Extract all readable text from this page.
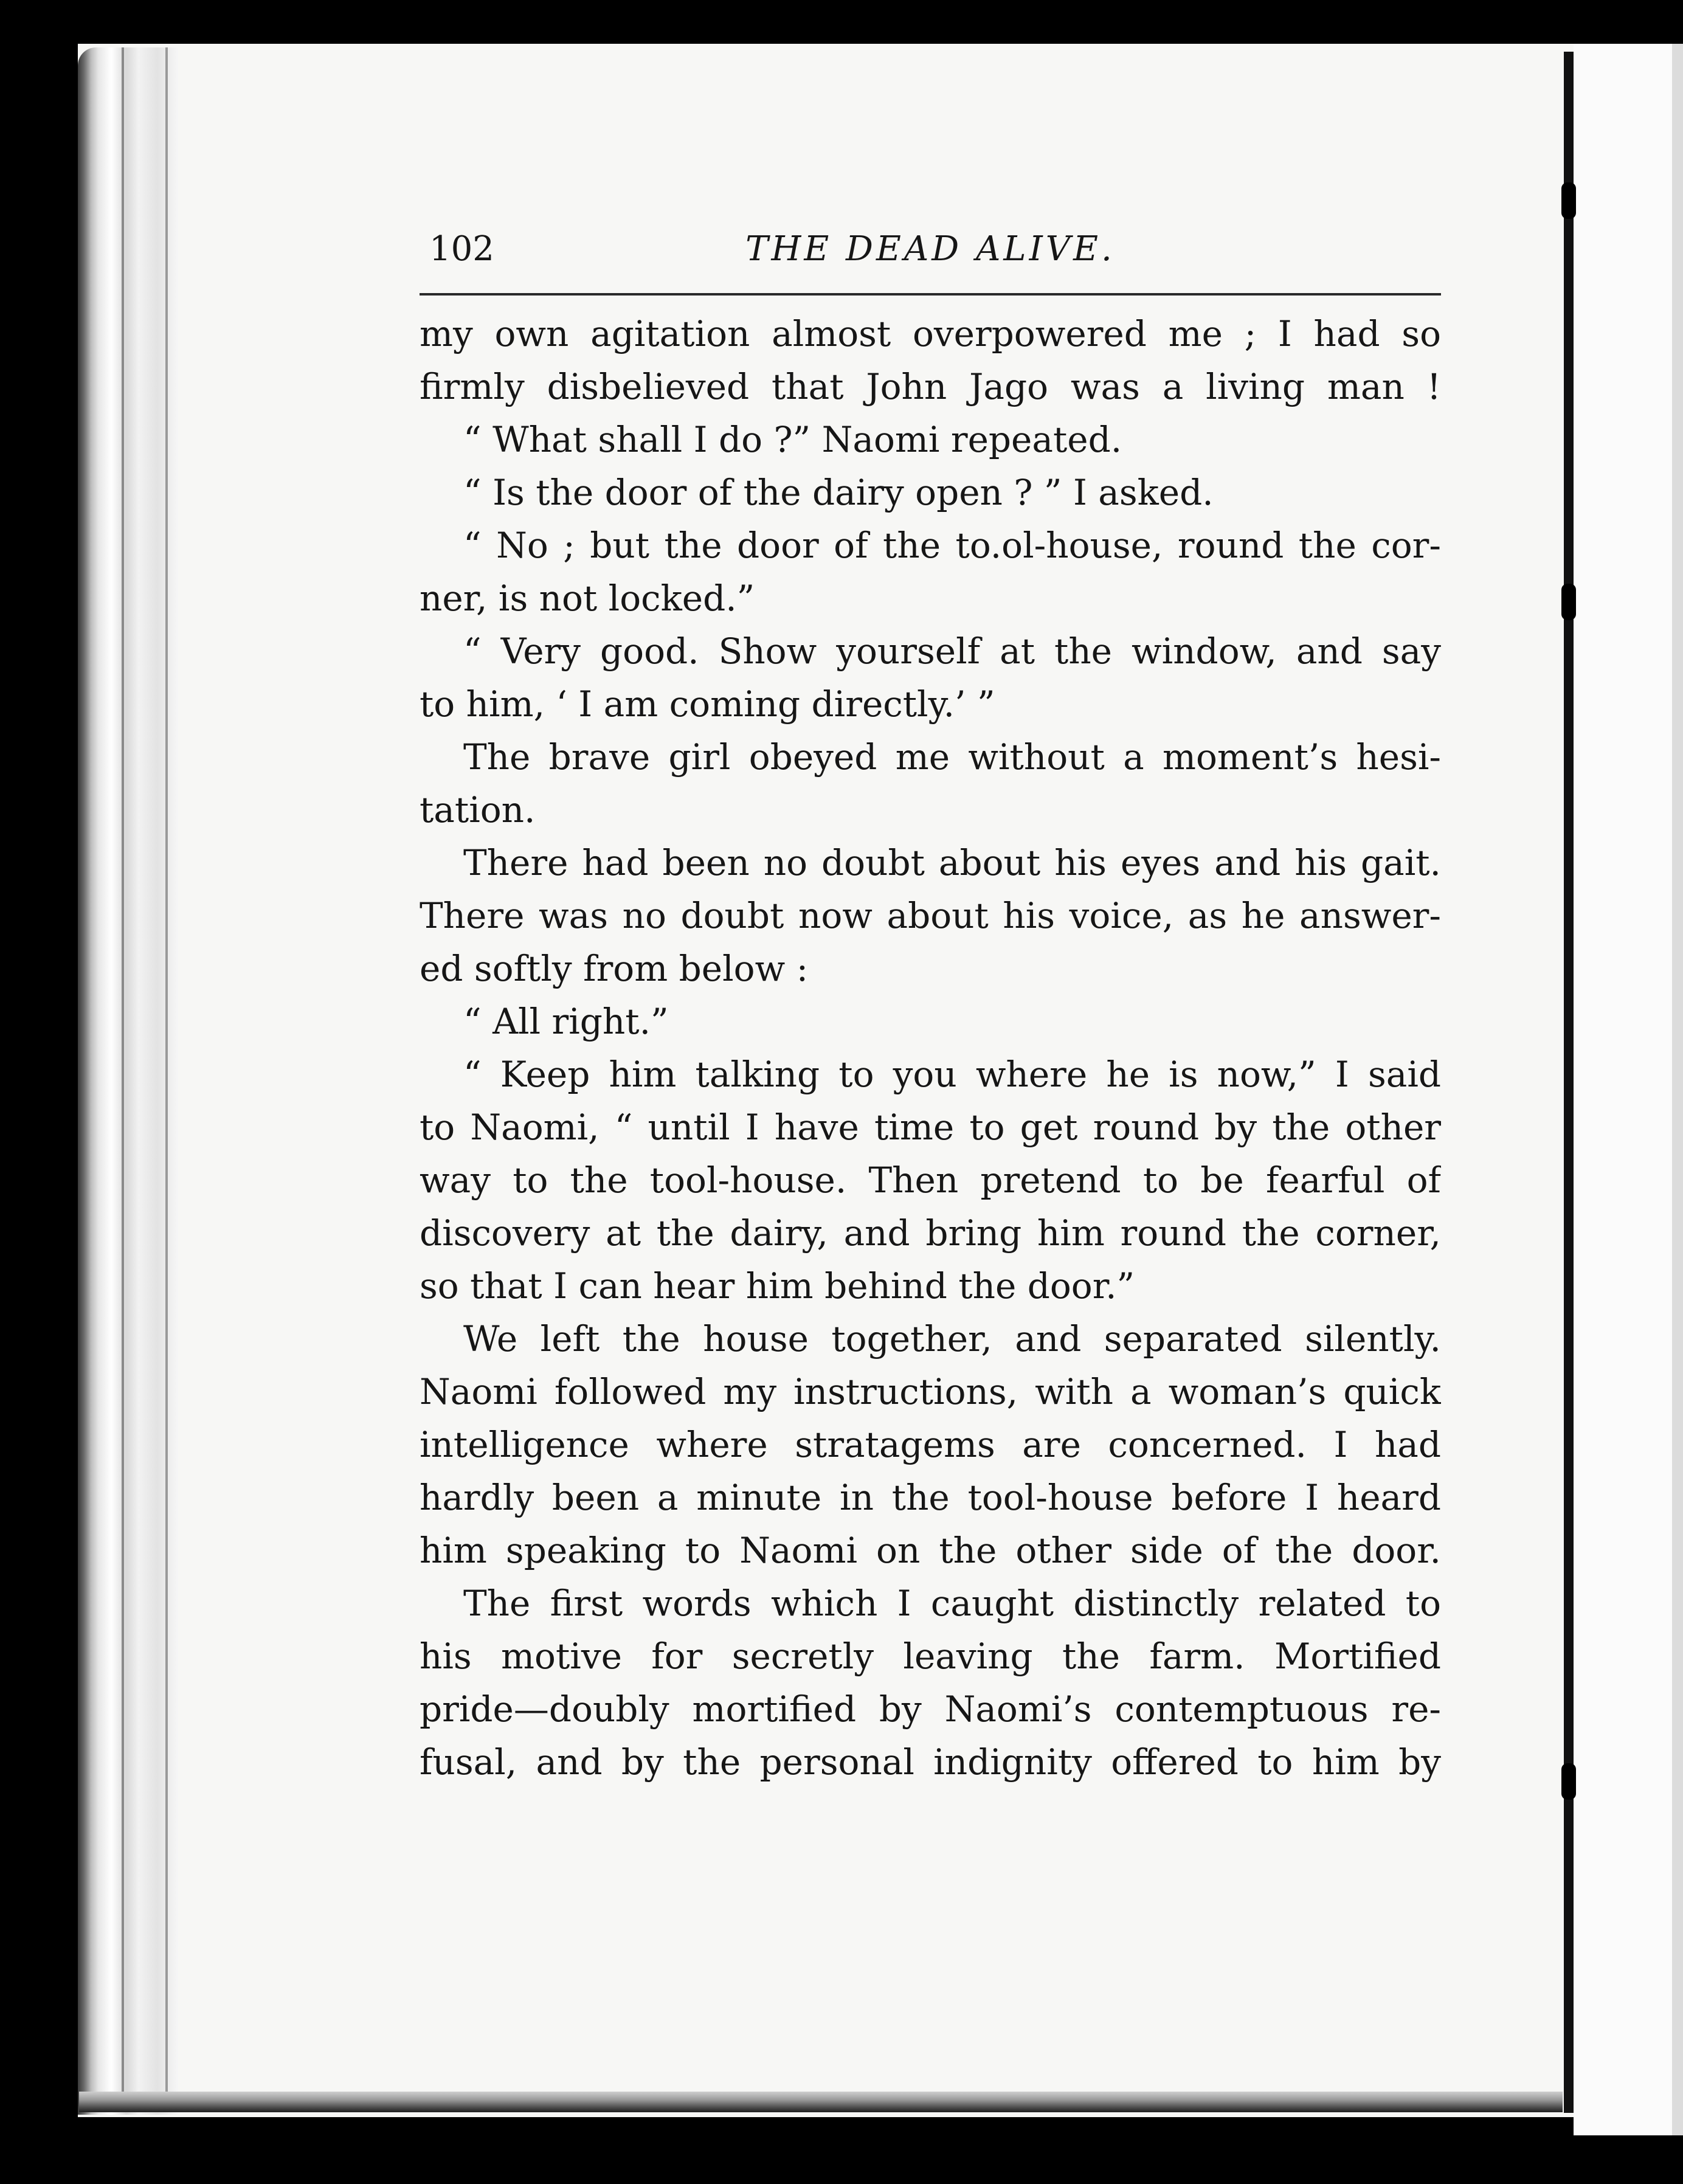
102	THE DEAD ALIVE.
my own agitation almost overpowered me ; I had so
firmly disbelieved that John Jago was a living man !
“ What shall I do ?” Naomi repeated.
“ Is the door of the dairy open ? ” I asked.
“ No ; but the door of the to.ol-house, round the cor-
ner, is not locked.”
“ Very good. Show yourself at the window, and say
to him, ‘ I am coming directly.’ ”
The brave girl obeyed me without a moment’s hesi-
tation.
There had been no doubt about his eyes and his gait.
There was no doubt now about his voice, as he answer-
ed softly from below :
“ All right.”
“ Keep him talking to you where he is now,” I said
to Naomi, “ until I have time to get round by the other
way to the tool-house. Then pretend to be fearful of
discovery at the dairy, and bring him round the corner,
so that I can hear him behind the door.”
We left the house together, and separated silently.
Naomi followed my instructions, with a woman’s quick
intelligence where stratagems are concerned. I had
hardly been a minute in the tool-house before I heard
him speaking to Naomi on the other side of the door.
The first words which I caught distinctly related to
his motive for secretly leaving the farm. Mortified
pride—doubly mortified by Naomi’s contemptuous re-
fusal, and by the personal indignity offered to him by
